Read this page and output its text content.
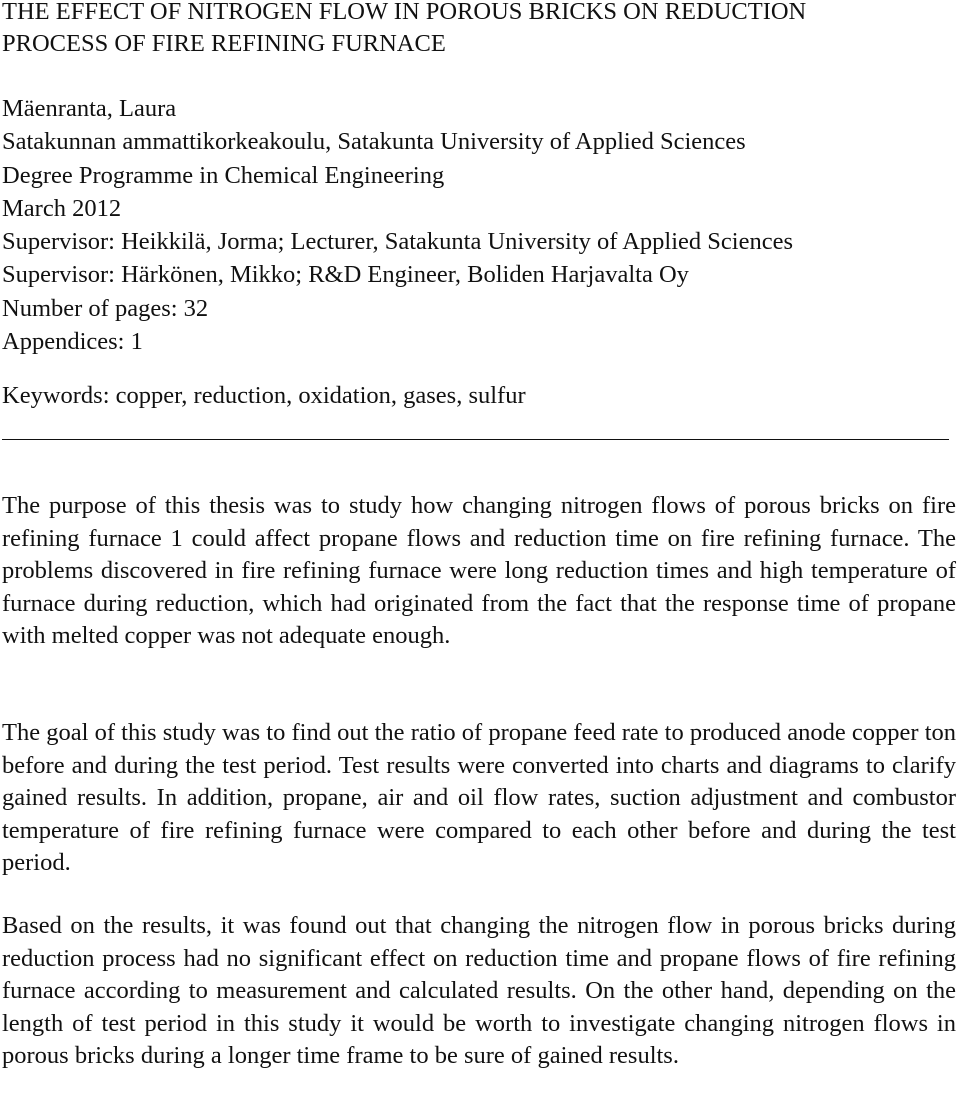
THE EFFECT OF NITROGEN FLOW IN POROUS BRICKS ON REDUCTION

PROCESS OF FIRE REFINING FURNACE

Mäenranta, Laura

Satakunnan ammattikorkeakoulu, Satakunta University of Applied Sciences

Degree Programme in Chemical Engineering

March 2012

Supervisor: Heikkilä, Jorma; Lecturer, Satakunta University of Applied Sciences

Supervisor: Härkönen, Mikko; R&D Engineer, Boliden Harjavalta Oy

Number of pages: 32

Appendices: 1

Keywords: copper, reduction, oxidation, gases, sulfur

The purpose of this thesis was to study how changing nitrogen flows of porous bricks on fire refining furnace 1 could affect propane flows and reduction time on fire refining furnace. The problems discovered in fire refining furnace were long reduction times and high temperature of furnace during reduction, which had originated from the fact that the response time of propane with melted copper was not adequate enough.

The goal of this study was to find out the ratio of propane feed rate to produced anode copper ton before and during the test period. Test results were converted into charts and diagrams to clarify gained results. In addition, propane, air and oil flow rates, suction adjustment and combustor temperature of fire refining furnace were compared to each other before and during the test period.

Based on the results, it was found out that changing the nitrogen flow in porous bricks during reduction process had no significant effect on reduction time and propane flows of fire refining furnace according to measurement and calculated results. On the other hand, depending on the length of test period in this study it would be worth to investigate changing nitrogen flows in porous bricks during a longer time frame to be sure of gained results.
